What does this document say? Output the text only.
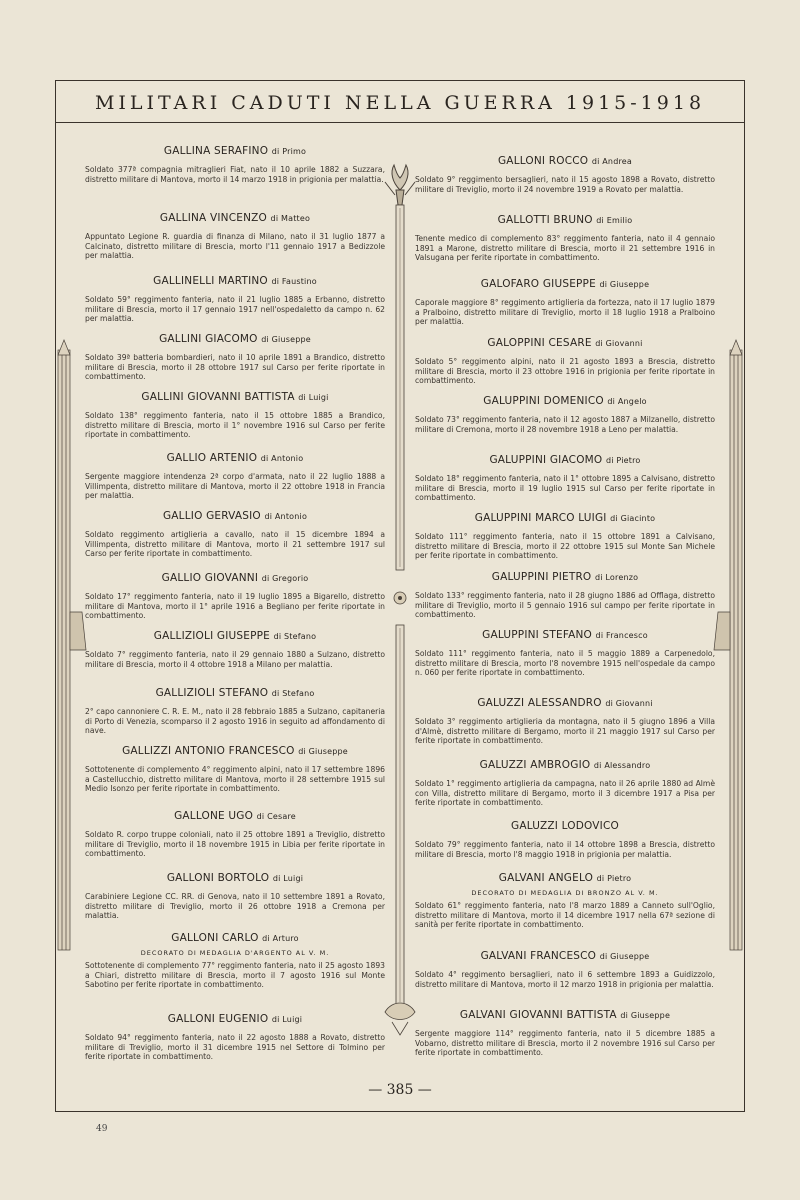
MILITARI CADUTI NELLA GUERRA 1915-1918
GALLINA SERAFINO di Primo
Soldato 377ª compagnia mitraglieri Fiat, nato il 10 aprile 1882 a Suzzara, distretto militare di Mantova, morto il 14 marzo 1918 in prigionia per malattia.
GALLINA VINCENZO di Matteo
Appuntato Legione R. guardia di finanza di Milano, nato il 31 luglio 1877 a Calcinato, distretto militare di Brescia, morto l'11 gennaio 1917 a Bedizzole per malattia.
GALLINELLI MARTINO di Faustino
Soldato 59° reggimento fanteria, nato il 21 luglio 1885 a Erbanno, distretto militare di Brescia, morto il 17 gennaio 1917 nell'ospedaletto da campo n. 62 per malattia.
GALLINI GIACOMO di Giuseppe
Soldato 39ª batteria bombardieri, nato il 10 aprile 1891 a Brandico, distretto militare di Brescia, morto il 28 ottobre 1917 sul Carso per ferite riportate in combattimento.
GALLINI GIOVANNI BATTISTA di Luigi
Soldato 138° reggimento fanteria, nato il 15 ottobre 1885 a Brandico, distretto militare di Brescia, morto il 1° novembre 1916 sul Carso per ferite riportate in combattimento.
GALLIO ARTENIO di Antonio
Sergente maggiore intendenza 2ª corpo d'armata, nato il 22 luglio 1888 a Villimpenta, distretto militare di Mantova, morto il 22 ottobre 1918 in Francia per malattia.
GALLIO GERVASIO di Antonio
Soldato reggimento artiglieria a cavallo, nato il 15 dicembre 1894 a Villimpenta, distretto militare di Mantova, morto il 21 settembre 1917 sul Carso per ferite riportate in combattimento.
GALLIO GIOVANNI di Gregorio
Soldato 17° reggimento fanteria, nato il 19 luglio 1895 a Bigarello, distretto militare di Mantova, morto il 1° aprile 1916 a Begliano per ferite riportate in combattimento.
GALLIZIOLI GIUSEPPE di Stefano
Soldato 7° reggimento fanteria, nato il 29 gennaio 1880 a Sulzano, distretto militare di Brescia, morto il 4 ottobre 1918 a Milano per malattia.
GALLIZIOLI STEFANO di Stefano
2° capo cannoniere C. R. E. M., nato il 28 febbraio 1885 a Sulzano, capitaneria di Porto di Venezia, scomparso il 2 agosto 1916 in seguito ad affondamento di nave.
GALLIZZI ANTONIO FRANCESCO di Giuseppe
Sottotenente di complemento 4° reggimento alpini, nato il 17 settembre 1896 a Castellucchio, distretto militare di Mantova, morto il 28 settembre 1915 sul Medio Isonzo per ferite riportate in combattimento.
GALLONE UGO di Cesare
Soldato R. corpo truppe coloniali, nato il 25 ottobre 1891 a Treviglio, distretto militare di Treviglio, morto il 18 novembre 1915 in Libia per ferite riportate in combattimento.
GALLONI BORTOLO di Luigi
Carabiniere Legione CC. RR. di Genova, nato il 10 settembre 1891 a Rovato, distretto militare di Treviglio, morto il 26 ottobre 1918 a Cremona per malattia.
GALLONI CARLO di Arturo
DECORATO DI MEDAGLIA D'ARGENTO AL V. M.
Sottotenente di complemento 77° reggimento fanteria, nato il 25 agosto 1893 a Chiari, distretto militare di Brescia, morto il 7 agosto 1916 sul Monte Sabotino per ferite riportate in combattimento.
GALLONI EUGENIO di Luigi
Soldato 94° reggimento fanteria, nato il 22 agosto 1888 a Rovato, distretto militare di Treviglio, morto il 31 dicembre 1915 nel Settore di Tolmino per ferite riportate in combattimento.
GALLONI ROCCO di Andrea
Soldato 9° reggimento bersaglieri, nato il 15 agosto 1898 a Rovato, distretto militare di Treviglio, morto il 24 novembre 1919 a Rovato per malattia.
GALLOTTI BRUNO di Emilio
Tenente medico di complemento 83° reggimento fanteria, nato il 4 gennaio 1891 a Marone, distretto militare di Brescia, morto il 21 settembre 1916 in Valsugana per ferite riportate in combattimento.
GALOFARO GIUSEPPE di Giuseppe
Caporale maggiore 8° reggimento artiglieria da fortezza, nato il 17 luglio 1879 a Pralboino, distretto militare di Treviglio, morto il 18 luglio 1918 a Pralboino per malattia.
GALOPPINI CESARE di Giovanni
Soldato 5° reggimento alpini, nato il 21 agosto 1893 a Brescia, distretto militare di Brescia, morto il 23 ottobre 1916 in prigionia per ferite riportate in combattimento.
GALUPPINI DOMENICO di Angelo
Soldato 73° reggimento fanteria, nato il 12 agosto 1887 a Milzanello, distretto militare di Cremona, morto il 28 novembre 1918 a Leno per malattia.
GALUPPINI GIACOMO di Pietro
Soldato 18° reggimento fanteria, nato il 1° ottobre 1895 a Calvisano, distretto militare di Brescia, morto il 19 luglio 1915 sul Carso per ferite riportate in combattimento.
GALUPPINI MARCO LUIGI di Giacinto
Soldato 111° reggimento fanteria, nato il 15 ottobre 1891 a Calvisano, distretto militare di Brescia, morto il 22 ottobre 1915 sul Monte San Michele per ferite riportate in combattimento.
GALUPPINI PIETRO di Lorenzo
Soldato 133° reggimento fanteria, nato il 28 giugno 1886 ad Offlaga, distretto militare di Treviglio, morto il 5 gennaio 1916 sul campo per ferite riportate in combattimento.
GALUPPINI STEFANO di Francesco
Soldato 111° reggimento fanteria, nato il 5 maggio 1889 a Carpenedolo, distretto militare di Brescia, morto l'8 novembre 1915 nell'ospedale da campo n. 060 per ferite riportate in combattimento.
GALUZZI ALESSANDRO di Giovanni
Soldato 3° reggimento artiglieria da montagna, nato il 5 giugno 1896 a Villa d'Almè, distretto militare di Bergamo, morto il 21 maggio 1917 sul Carso per ferite riportate in combattimento.
GALUZZI AMBROGIO di Alessandro
Soldato 1° reggimento artiglieria da campagna, nato il 26 aprile 1880 ad Almè con Villa, distretto militare di Bergamo, morto il 3 dicembre 1917 a Pisa per ferite riportate in combattimento.
GALUZZI LODOVICO
Soldato 79° reggimento fanteria, nato il 14 ottobre 1898 a Brescia, distretto militare di Brescia, morto l'8 maggio 1918 in prigionia per malattia.
GALVANI ANGELO di Pietro
DECORATO DI MEDAGLIA DI BRONZO AL V. M.
Soldato 61° reggimento fanteria, nato l'8 marzo 1889 a Canneto sull'Oglio, distretto militare di Mantova, morto il 14 dicembre 1917 nella 67ª sezione di sanità per ferite riportate in combattimento.
GALVANI FRANCESCO di Giuseppe
Soldato 4° reggimento bersaglieri, nato il 6 settembre 1893 a Guidizzolo, distretto militare di Mantova, morto il 12 marzo 1918 in prigionia per malattia.
GALVANI GIOVANNI BATTISTA di Giuseppe
Sergente maggiore 114° reggimento fanteria, nato il 5 dicembre 1885 a Vobarno, distretto militare di Brescia, morto il 2 novembre 1916 sul Carso per ferite riportate in combattimento.
— 385 —
49
